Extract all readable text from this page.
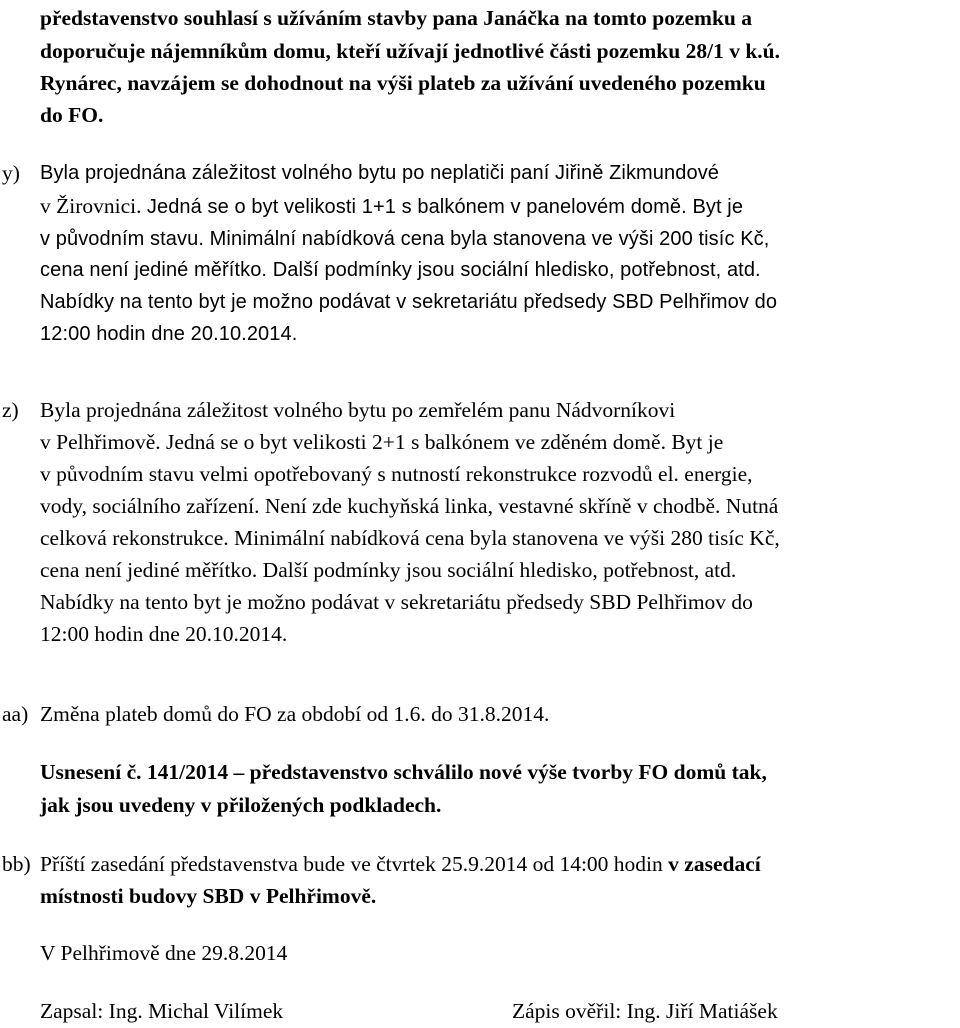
představenstvo souhlasí s užíváním stavby pana Janáčka na tomto pozemku a
doporučuje nájemníkům domu, kteří užívají jednotlivé části pozemku 28/1 v k.ú.
Rynárec, navzájem se dohodnout na výši plateb za užívání uvedeného pozemku
do FO.
y) Byla projednána záležitost volného bytu po neplatiči paní Jiřině Zikmundové
v Žirovnici. Jedná se o byt velikosti 1+1 s balkónem v panelovém domě. Byt je
v původním stavu. Minimální nabídková cena byla stanovena ve výši 200 tisíc Kč,
cena není jediné měřítko. Další podmínky jsou sociální hledisko, potřebnost, atd.
Nabídky na tento byt je možno podávat v sekretariátu předsedy SBD Pelhřimov do
12:00 hodin dne 20.10.2014.
z) Byla projednána záležitost volného bytu po zemřelém panu Nádvorníkovi
v Pelhřimově. Jedná se o byt velikosti 2+1 s balkónem ve zděném domě. Byt je
v původním stavu velmi opotřebovaný s nutností rekonstrukce rozvodů el. energie,
vody, sociálního zařízení. Není zde kuchyňská linka, vestavné skříně v chodbě. Nutná
celková rekonstrukce. Minimální nabídková cena byla stanovena ve výši 280 tisíc Kč,
cena není jediné měřítko. Další podmínky jsou sociální hledisko, potřebnost, atd.
Nabídky na tento byt je možno podávat v sekretariátu předsedy SBD Pelhřimov do
12:00 hodin dne 20.10.2014.
aa) Změna plateb domů do FO za období od 1.6. do 31.8.2014.
Usnesení č. 141/2014 – představenstvo schválilo nové výše tvorby FO domů tak,
jak jsou uvedeny v přiložených podkladech.
bb) Příští zasedání představenstva bude ve čtvrtek 25.9.2014 od 14:00 hodin v zasedací
místnosti budovy SBD v Pelhřimově.
V Pelhřimově dne 29.8.2014
Zapsal: Ing. Michal Vilímek	Zápis ověřil: Ing. Jiří Matiášek
